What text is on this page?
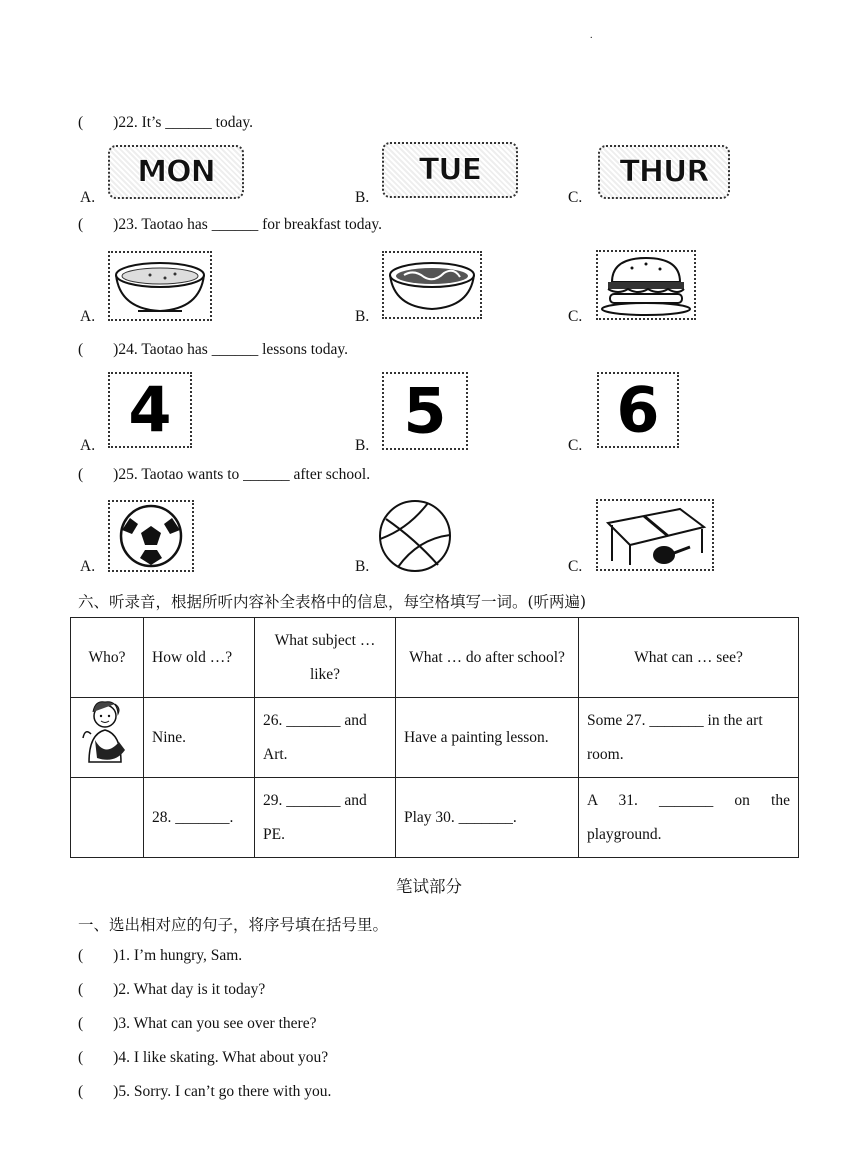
.
( )22. It’s ______ today.
A.	B.	C.
MON	TUE	THUR
( )23. Taotao has ______ for breakfast today.
A.	B.	C.
( )24. Taotao has ______ lessons today.
A.	B.	C.
4	5	6
( )25. Taotao wants to ______ after school.
A.	B.	C.
六、听录音，根据所听内容补全表格中的信息，每空格填写一词。(听两遍)
Who?	How old …?	What subject … like?	What … do after school?	What can … see?
	Nine.	26. _______ and Art.	Have a painting lesson.	Some 27. _______ in the art room.
	28. _______.	29. _______ and PE.	Play 30. _______.	A 31. _______ on the playground.
笔试部分
一、选出相对应的句子，将序号填在括号里。
( )1. I’m hungry, Sam.
( )2. What day is it today?
( )3. What can you see over there?
( )4. I like skating. What about you?
( )5. Sorry. I can’t go there with you.
